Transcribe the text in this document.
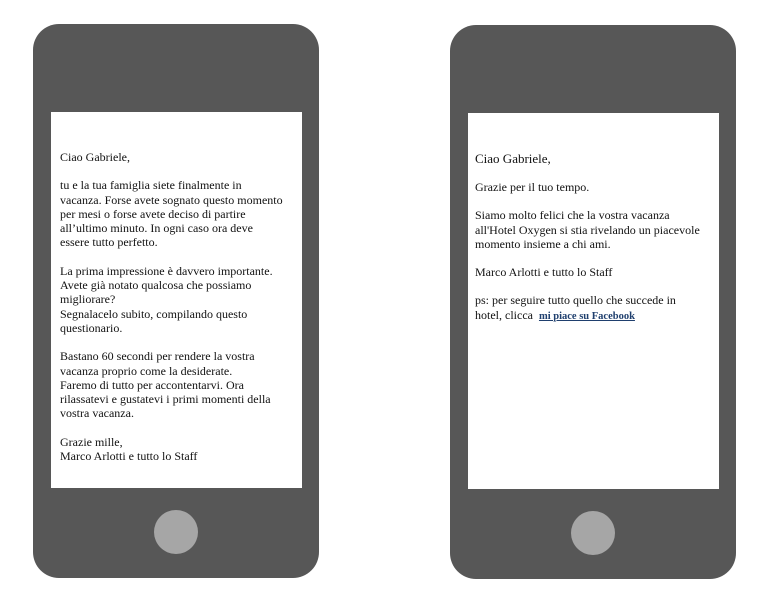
Ciao Gabriele,

tu e la tua famiglia siete finalmente in
vacanza. Forse avete sognato questo momento
per mesi o forse avete deciso di partire
all’ultimo minuto. In ogni caso ora deve
essere tutto perfetto.

La prima impressione è davvero importante.
Avete già notato qualcosa che possiamo
migliorare?
Segnalacelo subito, compilando questo
questionario.

Bastano 60 secondi per rendere la vostra
vacanza proprio come la desiderate.
Faremo di tutto per accontentarvi. Ora
rilassatevi e gustatevi i primi momenti della
vostra vacanza.

Grazie mille,
Marco Arlotti e tutto lo Staff

Ciao Gabriele,

Grazie per il tuo tempo.

Siamo molto felici che la vostra vacanza
all'Hotel Oxygen si stia rivelando un piacevole
momento insieme a chi ami.

Marco Arlotti e tutto lo Staff

ps: per seguire tutto quello che succede in
hotel, clicca mi piace su Facebook
